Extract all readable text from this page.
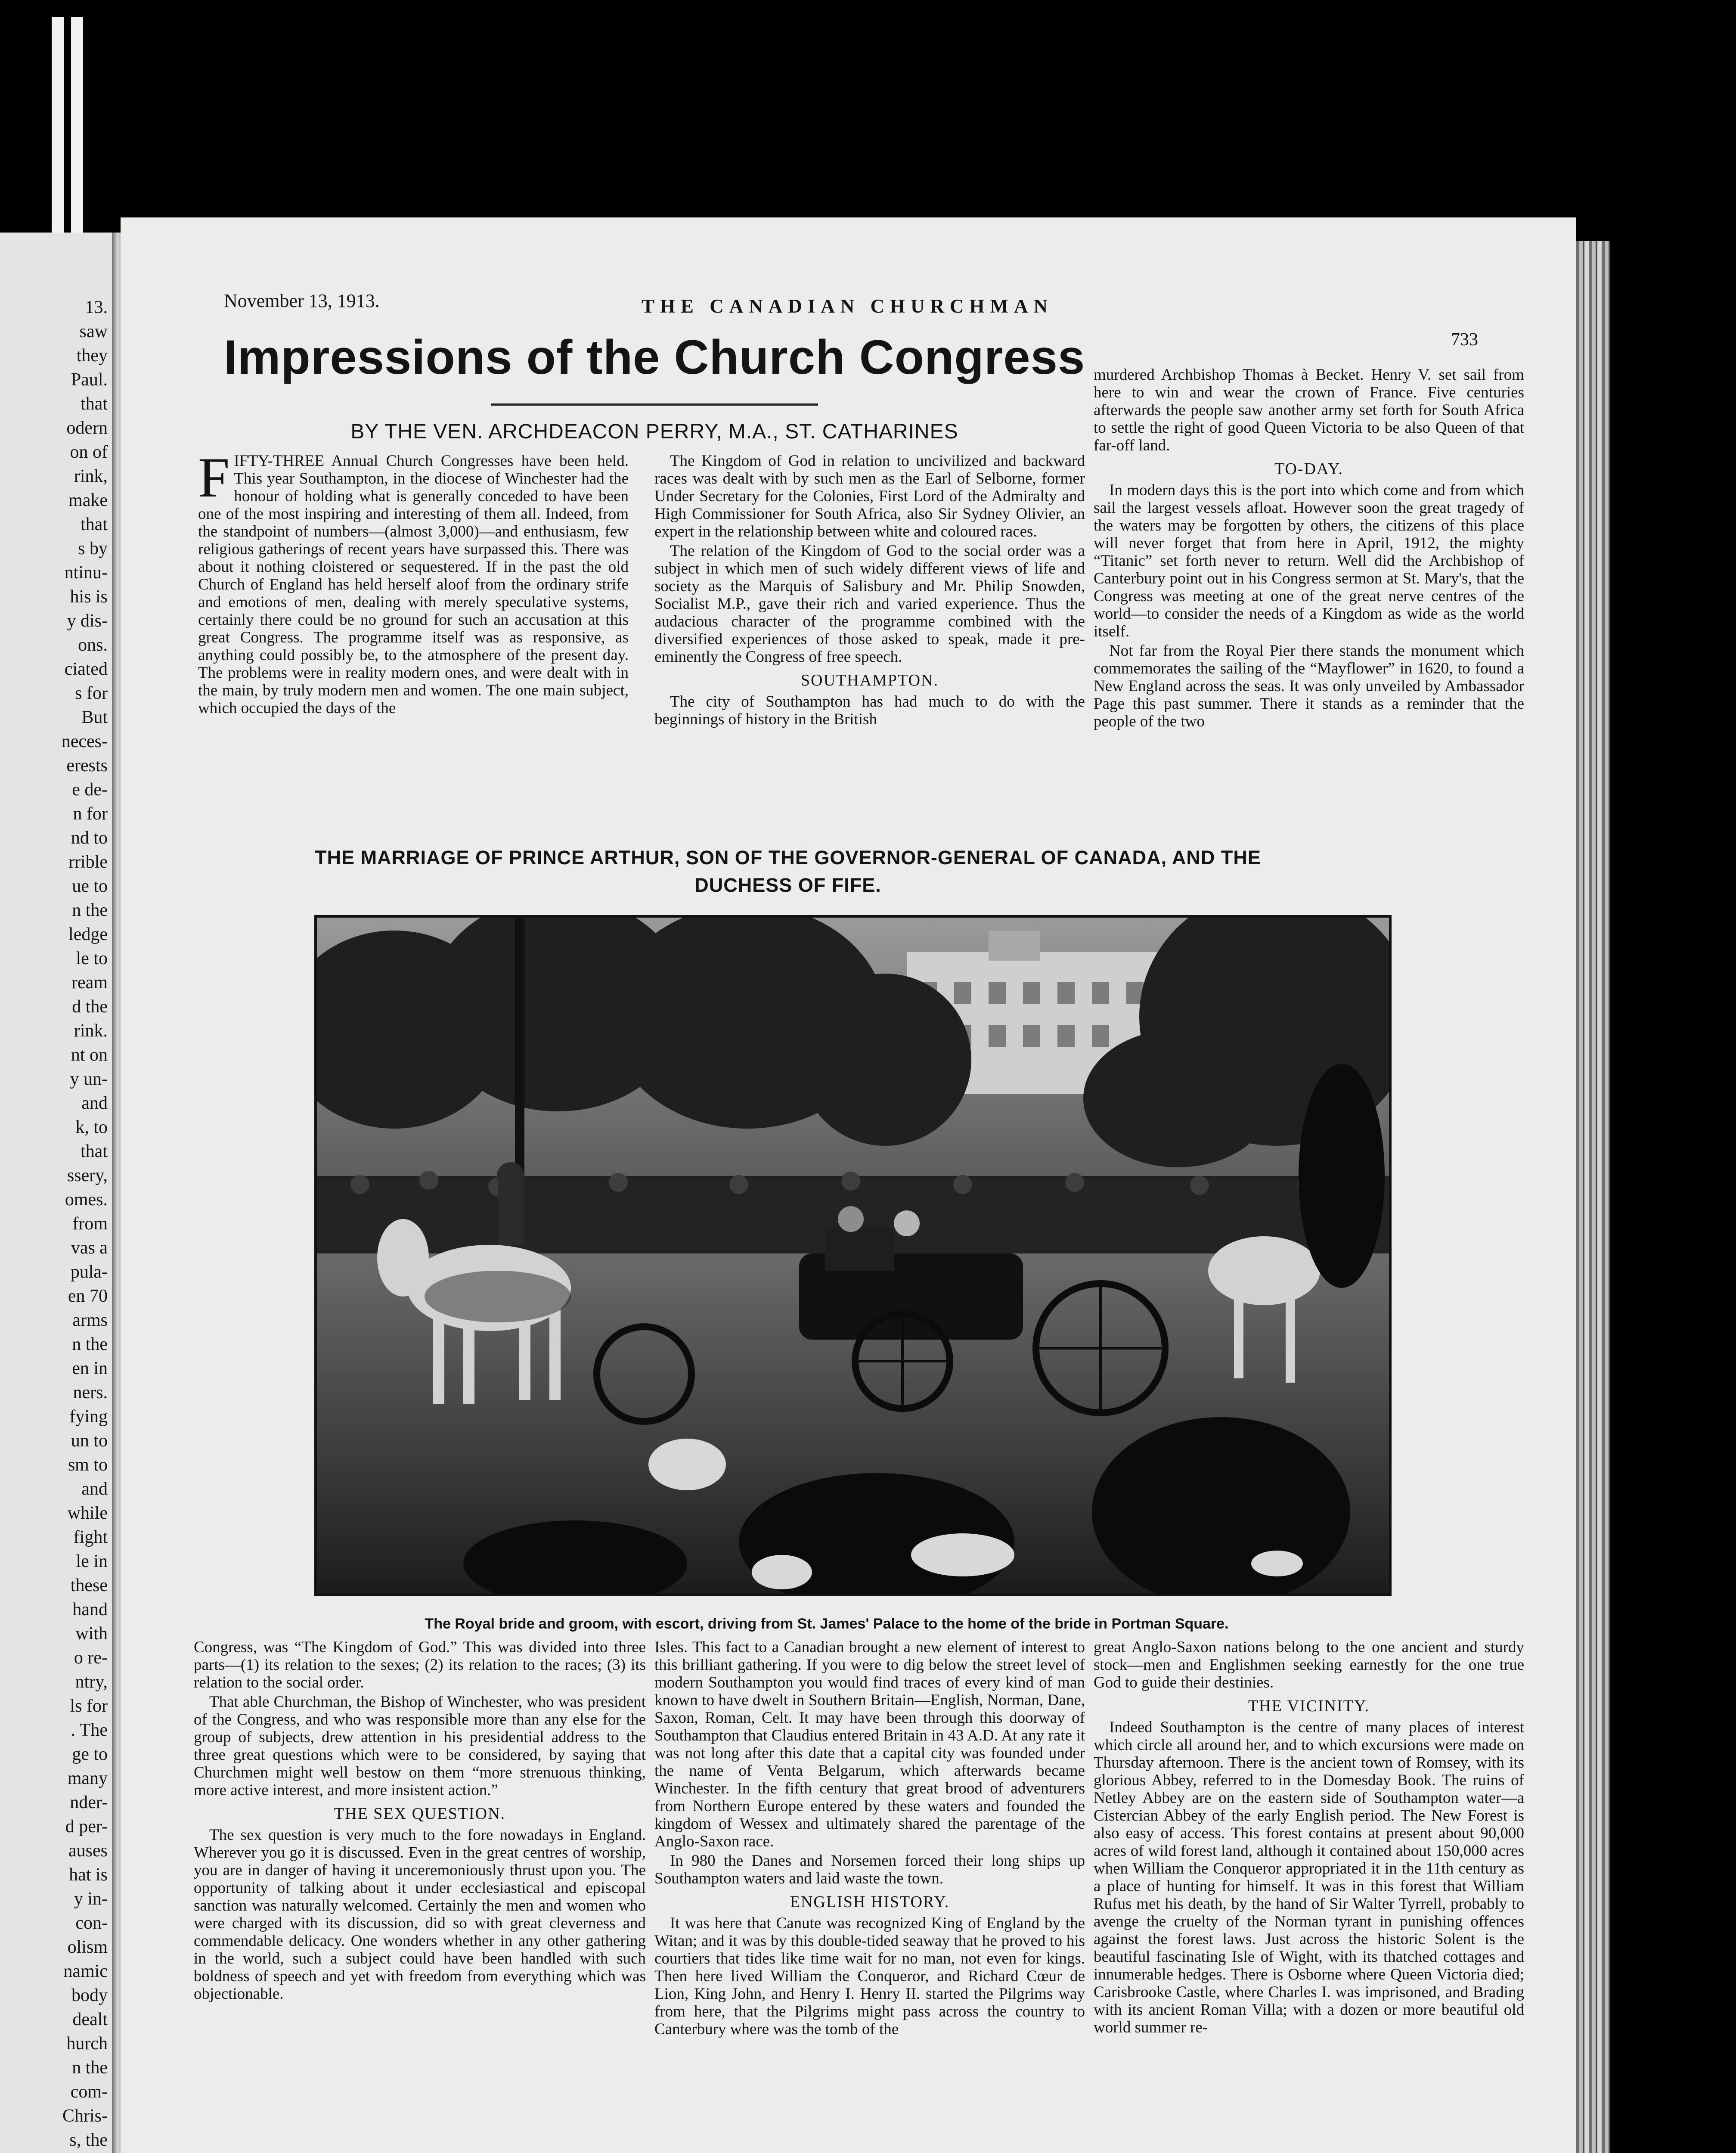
13.
saw
they
Paul.
that
odern
on of
rink,
make
that
s by
ntinu-
his is
y dis-
ons.
ciated
s for
But
neces-
erests
e de-
n for
nd to
rrible
ue to
n the
ledge
le to
ream
d the
rink.
nt on
y un-
and
k, to
that
ssery,
omes.
from
vas a
pula-
en 70
arms
n the
en in
ners.
fying
un to
sm to
and
while
fight
le in
these
hand
with
o re-
ntry,
ls for
. The
ge to
many
nder-
d per-
auses
hat is
y in-
con-
olism
namic
body
dealt
hurch
n the
com-
Chris-
s, the
November 13, 1913.	THE CANADIAN CHURCHMAN
733
Impressions of the Church Congress
BY THE VEN. ARCHDEACON PERRY, M.A., ST. CATHARINES
F IFTY-THREE Annual Church Congresses have been held. This year Southampton, in the diocese of Winchester had the honour of holding what is generally conceded to have been one of the most inspiring and interesting of them all. Indeed, from the standpoint of numbers—(almost 3,000)—and enthusiasm, few religious gatherings of recent years have surpassed this. There was about it nothing cloistered or sequestered. If in the past the old Church of England has held herself aloof from the ordinary strife and emotions of men, dealing with merely speculative systems, certainly there could be no ground for such an accusation at this great Congress. The programme itself was as responsive, as anything could possibly be, to the atmosphere of the present day. The problems were in reality modern ones, and were dealt with in the main, by truly modern men and women. The one main subject, which occupied the days of the

The Kingdom of God in relation to uncivilized and backward races was dealt with by such men as the Earl of Selborne, former Under Secretary for the Colonies, First Lord of the Admiralty and High Commissioner for South Africa, also Sir Sydney Olivier, an expert in the relationship between white and coloured races.

The relation of the Kingdom of God to the social order was a subject in which men of such widely different views of life and society as the Marquis of Salisbury and Mr. Philip Snowden, Socialist M.P., gave their rich and varied experience. Thus the audacious character of the programme combined with the diversified experiences of those asked to speak, made it pre-eminently the Congress of free speech.

SOUTHAMPTON.

The city of Southampton has had much to do with the beginnings of history in the British

murdered Archbishop Thomas à Becket. Henry V. set sail from here to win and wear the crown of France. Five centuries afterwards the people saw another army set forth for South Africa to settle the right of good Queen Victoria to be also Queen of that far-off land.

TO-DAY.

In modern days this is the port into which come and from which sail the largest vessels afloat. However soon the great tragedy of the waters may be forgotten by others, the citizens of this place will never forget that from here in April, 1912, the mighty “Titanic” set forth never to return. Well did the Archbishop of Canterbury point out in his Congress sermon at St. Mary's, that the Congress was meeting at one of the great nerve centres of the world—to consider the needs of a Kingdom as wide as the world itself.

Not far from the Royal Pier there stands the monument which commemorates the sailing of the “Mayflower” in 1620, to found a New England across the seas. It was only unveiled by Ambassador Page this past summer. There it stands as a reminder that the people of the two

THE MARRIAGE OF PRINCE ARTHUR, SON OF THE GOVERNOR-GENERAL OF CANADA, AND THE DUCHESS OF FIFE.
The Royal bride and groom, with escort, driving from St. James' Palace to the home of the bride in Portman Square.

Congress, was “The Kingdom of God.” This was divided into three parts—(1) its relation to the sexes; (2) its relation to the races; (3) its relation to the social order.

That able Churchman, the Bishop of Winchester, who was president of the Congress, and who was responsible more than any else for the group of subjects, drew attention in his presidential address to the three great questions which were to be considered, by saying that Churchmen might well bestow on them “more strenuous thinking, more active interest, and more insistent action.”

THE SEX QUESTION.

The sex question is very much to the fore nowadays in England. Wherever you go it is discussed. Even in the great centres of worship, you are in danger of having it unceremoniously thrust upon you. The opportunity of talking about it under ecclesiastical and episcopal sanction was naturally welcomed. Certainly the men and women who were charged with its discussion, did so with great cleverness and commendable delicacy. One wonders whether in any other gathering in the world, such a subject could have been handled with such boldness of speech and yet with freedom from everything which was objectionable.

Isles. This fact to a Canadian brought a new element of interest to this brilliant gathering. If you were to dig below the street level of modern Southampton you would find traces of every kind of man known to have dwelt in Southern Britain—English, Norman, Dane, Saxon, Roman, Celt. It may have been through this doorway of Southampton that Claudius entered Britain in 43 A.D. At any rate it was not long after this date that a capital city was founded under the name of Venta Belgarum, which afterwards became Winchester. In the fifth century that great brood of adventurers from Northern Europe entered by these waters and founded the kingdom of Wessex and ultimately shared the parentage of the Anglo-Saxon race.

In 980 the Danes and Norsemen forced their long ships up Southampton waters and laid waste the town.

ENGLISH HISTORY.

It was here that Canute was recognized King of England by the Witan; and it was by this double-tided seaway that he proved to his courtiers that tides like time wait for no man, not even for kings. Then here lived William the Conqueror, and Richard Cœur de Lion, King John, and Henry I. Henry II. started the Pilgrims way from here, that the Pilgrims might pass across the country to Canterbury where was the tomb of the

great Anglo-Saxon nations belong to the one ancient and sturdy stock—men and Englishmen seeking earnestly for the one true God to guide their destinies.

THE VICINITY.

Indeed Southampton is the centre of many places of interest which circle all around her, and to which excursions were made on Thursday afternoon. There is the ancient town of Romsey, with its glorious Abbey, referred to in the Domesday Book. The ruins of Netley Abbey are on the eastern side of Southampton water—a Cistercian Abbey of the early English period. The New Forest is also easy of access. This forest contains at present about 90,000 acres of wild forest land, although it contained about 150,000 acres when William the Conqueror appropriated it in the 11th century as a place of hunting for himself. It was in this forest that William Rufus met his death, by the hand of Sir Walter Tyrrell, probably to avenge the cruelty of the Norman tyrant in punishing offences against the forest laws. Just across the historic Solent is the beautiful fascinating Isle of Wight, with its thatched cottages and innumerable hedges. There is Osborne where Queen Victoria died; Carisbrooke Castle, where Charles I. was imprisoned, and Brading with its ancient Roman Villa; with a dozen or more beautiful old world summer re-
